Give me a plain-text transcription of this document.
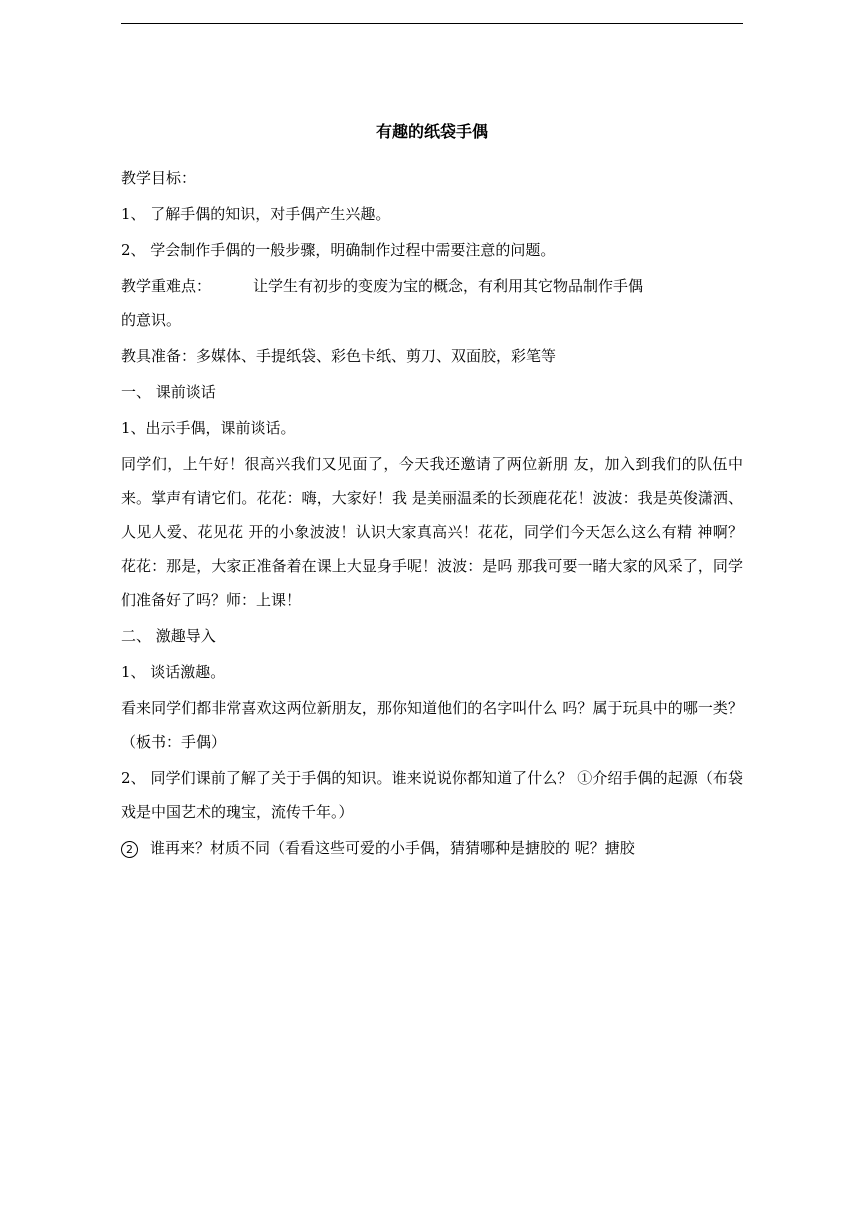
有趣的纸袋手偶

教学目标：

1、 了解手偶的知识，对手偶产生兴趣。

2、 学会制作手偶的一般步骤，明确制作过程中需要注意的问题。

教学重难点：	让学生有初步的变废为宝的概念，有利用其它物品制作手偶
的意识。

教具准备：多媒体、手提纸袋、彩色卡纸、剪刀、双面胶，彩笔等

一、 课前谈话

1、出示手偶，课前谈话。

同学们，上午好！很高兴我们又见面了，今天我还邀请了两位新朋 友，加入到我们的队伍中来。掌声有请它们。花花：嗨，大家好！我 是美丽温柔的长颈鹿花花！波波：我是英俊潇洒、人见人爱、花见花 开的小象波波！认识大家真高兴！花花，同学们今天怎么这么有精 神啊？花花：那是，大家正准备着在课上大显身手呢！波波：是吗 那我可要一睹大家的风采了，同学们准备好了吗？师：上课！

二、 激趣导入

1、 谈话激趣。

看来同学们都非常喜欢这两位新朋友，那你知道他们的名字叫什么 吗？属于玩具中的哪一类？（板书：手偶）

2、 同学们课前了解了关于手偶的知识。谁来说说你都知道了什么？ ①介绍手偶的起源（布袋戏是中国艺术的瑰宝，流传千年。）

2 谁再来？材质不同（看看这些可爱的小手偶，猜猜哪种是搪胶的 呢？搪胶
